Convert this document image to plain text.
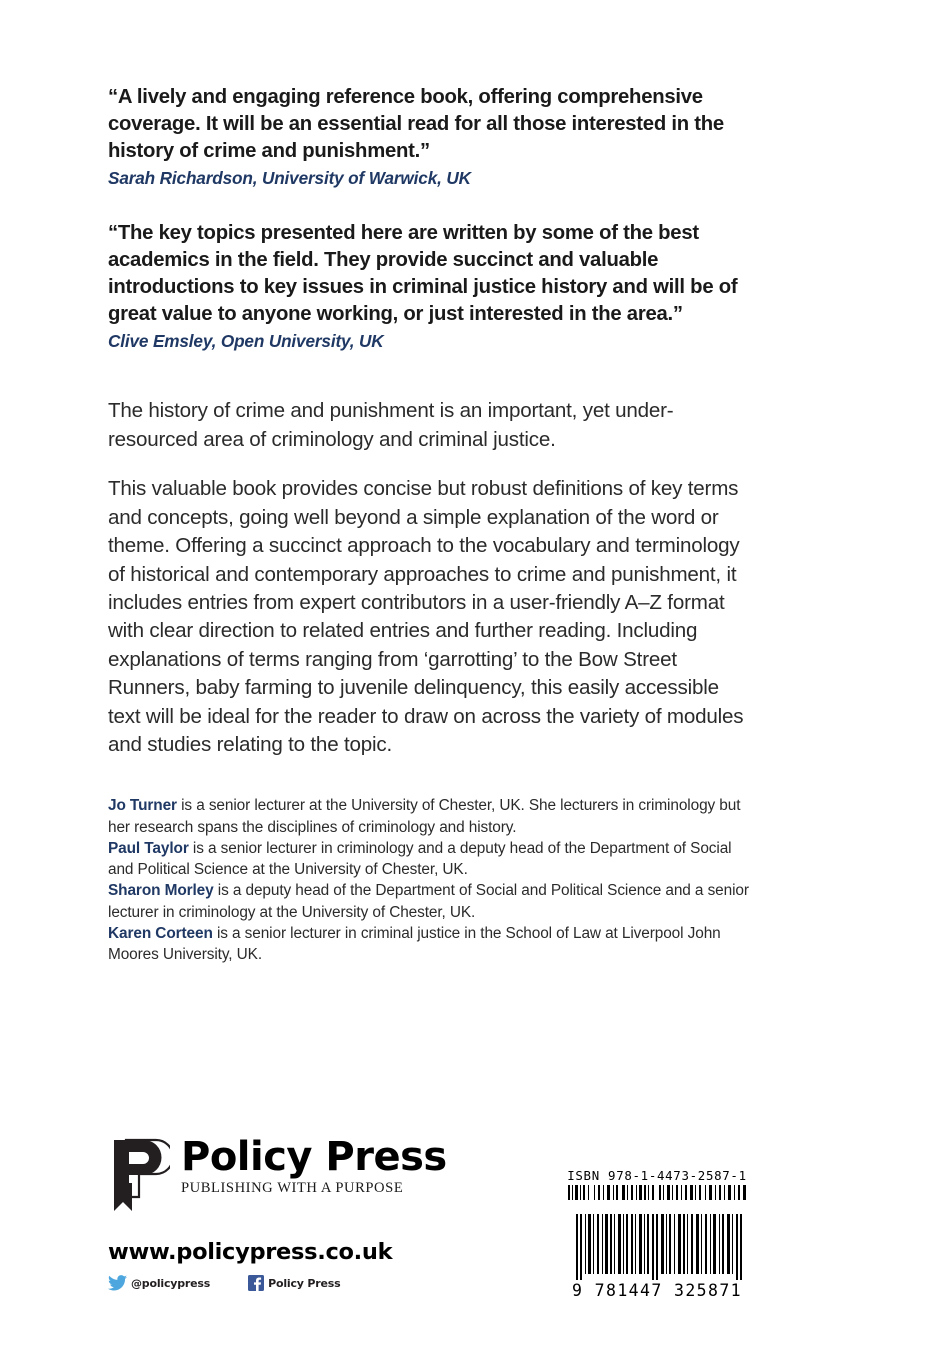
“A lively and engaging reference book, offering comprehensive coverage. It will be an essential read for all those interested in the history of crime and punishment.”
Sarah Richardson, University of Warwick, UK
“The key topics presented here are written by some of the best academics in the field. They provide succinct and valuable introductions to key issues in criminal justice history and will be of great value to anyone working, or just interested in the area.”
Clive Emsley, Open University, UK

The history of crime and punishment is an important, yet under-resourced area of criminology and criminal justice.

This valuable book provides concise but robust definitions of key terms and concepts, going well beyond a simple explanation of the word or theme. Offering a succinct approach to the vocabulary and terminology of historical and contemporary approaches to crime and punishment, it includes entries from expert contributors in a user-friendly A–Z format with clear direction to related entries and further reading. Including explanations of terms ranging from ‘garrotting’ to the Bow Street Runners, baby farming to juvenile delinquency, this easily accessible text will be ideal for the reader to draw on across the variety of modules and studies relating to the topic.

Jo Turner is a senior lecturer at the University of Chester, UK. She lecturers in criminology but her research spans the disciplines of criminology and history.

Paul Taylor is a senior lecturer in criminology and a deputy head of the Department of Social and Political Science at the University of Chester, UK.

Sharon Morley is a deputy head of the Department of Social and Political Science and a senior lecturer in criminology at the University of Chester, UK.

Karen Corteen is a senior lecturer in criminal justice in the School of Law at Liverpool John Moores University, UK.

Policy Press
PUBLISHING WITH A PURPOSE
www.policypress.co.uk
@policypress	Policy Press
ISBN 978-1-4473-2587-1
9 781447 325871
